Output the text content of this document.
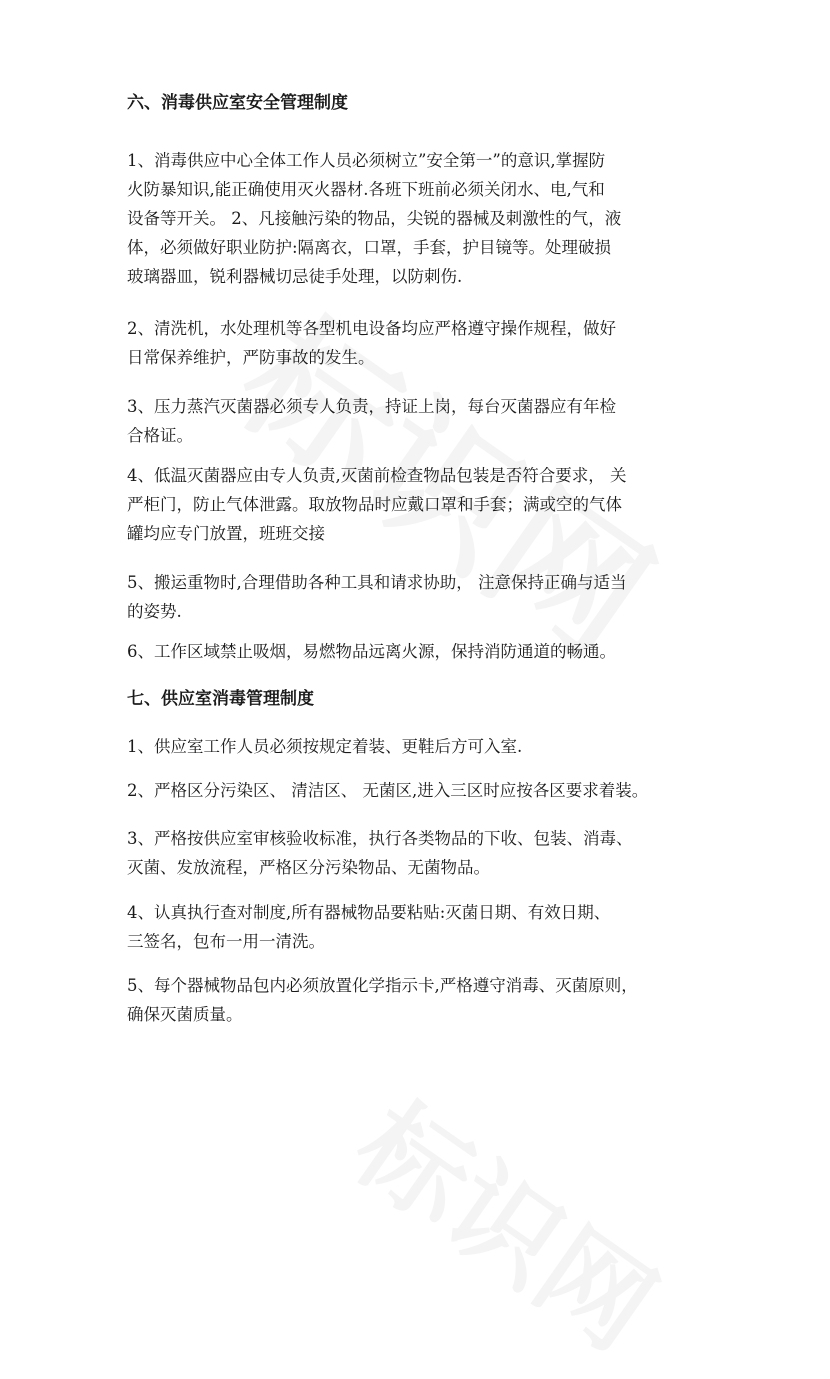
六、消毒供应室安全管理制度

1、消毒供应中心全体工作人员必须树立”安全第一”的意识,掌握防
火防暴知识,能正确使用灭火器材.各班下班前必须关闭水、电,气和
设备等开关。 2、凡接触污染的物品，尖锐的器械及刺激性的气，液
体，必须做好职业防护:隔离衣，口罩，手套，护目镜等。处理破损
玻璃器皿，锐利器械切忌徒手处理，以防刺伤.

2、清洗机，水处理机等各型机电设备均应严格遵守操作规程，做好
日常保养维护，严防事故的发生。

3、压力蒸汽灭菌器必须专人负责，持证上岗，每台灭菌器应有年检
合格证。

4、低温灭菌器应由专人负责,灭菌前检查物品包装是否符合要求， 关
严柜门，防止气体泄露。取放物品时应戴口罩和手套；满或空的气体
罐均应专门放置，班班交接

5、搬运重物时,合理借助各种工具和请求协助， 注意保持正确与适当
的姿势.

6、工作区域禁止吸烟，易燃物品远离火源，保持消防通道的畅通。

七、供应室消毒管理制度

1、供应室工作人员必须按规定着装、更鞋后方可入室.

2、严格区分污染区、 清洁区、 无菌区,进入三区时应按各区要求着装。

3、严格按供应室审核验收标准，执行各类物品的下收、包装、消毒、
灭菌、发放流程，严格区分污染物品、无菌物品。

4、认真执行查对制度,所有器械物品要粘贴:灭菌日期、有效日期、
三签名，包布一用一清洗。

5、每个器械物品包内必须放置化学指示卡,严格遵守消毒、灭菌原则，
确保灭菌质量。
